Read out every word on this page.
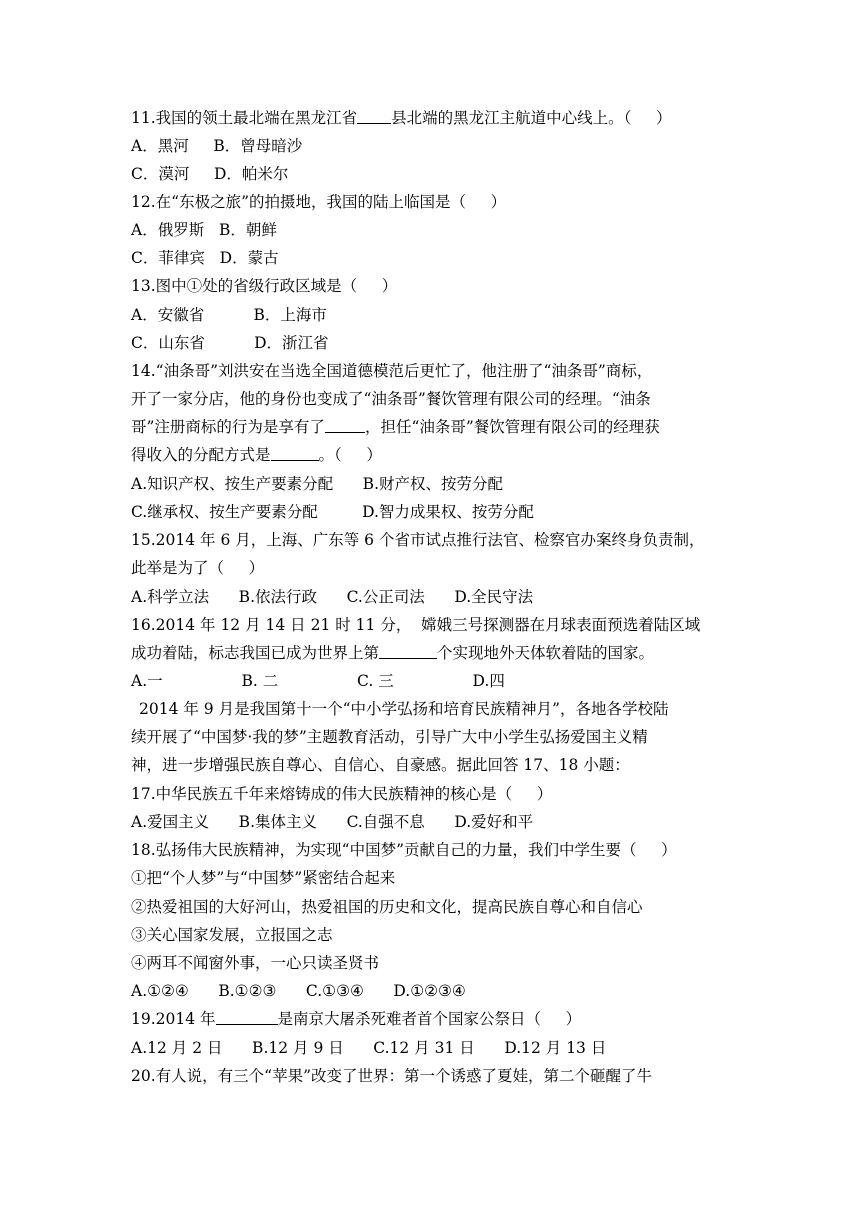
11.我国的领土最北端在黑龙江省 县北端的黑龙江主航道中心线上。（     ）
A．黑河     B．曾母暗沙
C．漠河     D．帕米尔
12.在“东极之旅”的拍摄地，我国的陆上临国是（     ）
A．俄罗斯   B．朝鲜
C．菲律宾   D．蒙古
13.图中①处的省级行政区域是（     ）
A．安徽省          B．上海市
C．山东省          D．浙江省
14.“油条哥”刘洪安在当选全国道德模范后更忙了，他注册了“油条哥”商标，
开了一家分店，他的身份也变成了“油条哥”餐饮管理有限公司的经理。“油条
哥”注册商标的行为是享有了	，担任“油条哥”餐饮管理有限公司的经理获
得收入的分配方式是	。（     ）
A.知识产权、按生产要素分配      B.财产权、按劳分配
C.继承权、按生产要素分配         D.智力成果权、按劳分配
15.2014 年 6 月，上海、广东等 6 个省市试点推行法官、检察官办案终身负责制，
此举是为了（     ）
A.科学立法      B.依法行政      C.公正司法      D.全民守法
16.2014 年 12 月 14 日 21 时 11 分，  嫦娥三号探测器在月球表面预选着陆区域
成功着陆，标志我国已成为世界上第	个实现地外天体软着陆的国家。
A.一                B. 二                C. 三                D.四
2014 年 9 月是我国第十一个“中小学弘扬和培育民族精神月”，各地各学校陆
续开展了“中国梦·我的梦”主题教育活动，引导广大中小学生弘扬爱国主义精
神，进一步增强民族自尊心、自信心、自豪感。据此回答 17、18 小题：
17.中华民族五千年来熔铸成的伟大民族精神的核心是（     ）
A.爱国主义      B.集体主义      C.自强不息      D.爱好和平
18.弘扬伟大民族精神，为实现“中国梦”贡献自己的力量，我们中学生要（     ）
①把“个人梦”与“中国梦”紧密结合起来
②热爱祖国的大好河山，热爱祖国的历史和文化，提高民族自尊心和自信心
③关心国家发展，立报国之志
④两耳不闻窗外事，一心只读圣贤书
A.①②④      B.①②③      C.①③④      D.①②③④
19.2014 年	是南京大屠杀死难者首个国家公祭日（     ）
A.12 月 2 日      B.12 月 9 日      C.12 月 31 日      D.12 月 13 日
20.有人说，有三个“苹果”改变了世界：第一个诱惑了夏娃，第二个砸醒了牛
